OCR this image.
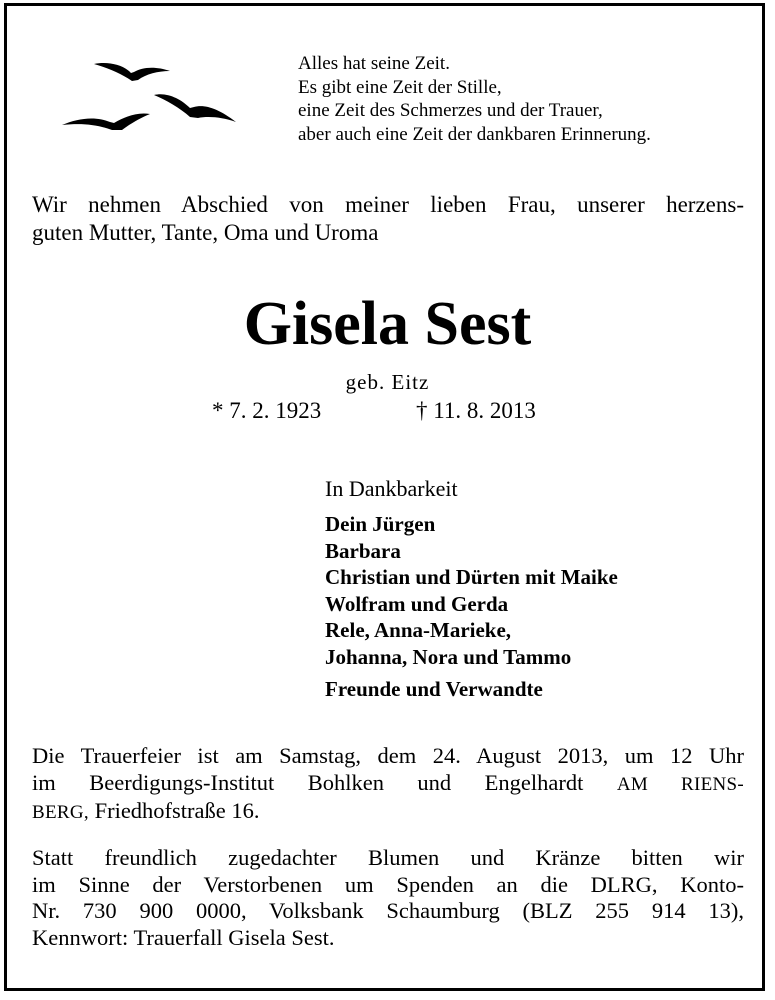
Alles hat seine Zeit.
Es gibt eine Zeit der Stille,
eine Zeit des Schmerzes und der Trauer,
aber auch eine Zeit der dankbaren Erinnerung.
Wir nehmen Abschied von meiner lieben Frau, unserer herzens-
guten Mutter, Tante, Oma und Uroma
Gisela Sest
geb. Eitz
* 7. 2. 1923	† 11. 8. 2013
In Dankbarkeit
Dein Jürgen
Barbara
Christian und Dürten mit Maike
Wolfram und Gerda
Rele, Anna-Marieke,
Johanna, Nora und Tammo
Freunde und Verwandte
Die Trauerfeier ist am Samstag, dem 24. August 2013, um 12 Uhr
im Beerdigungs-Institut Bohlken und Engelhardt AM RIENS-
BERG, Friedhofstraße 16.
Statt freundlich zugedachter Blumen und Kränze bitten wir
im Sinne der Verstorbenen um Spenden an die DLRG, Konto-
Nr. 730 900 0000, Volksbank Schaumburg (BLZ 255 914 13),
Kennwort: Trauerfall Gisela Sest.
